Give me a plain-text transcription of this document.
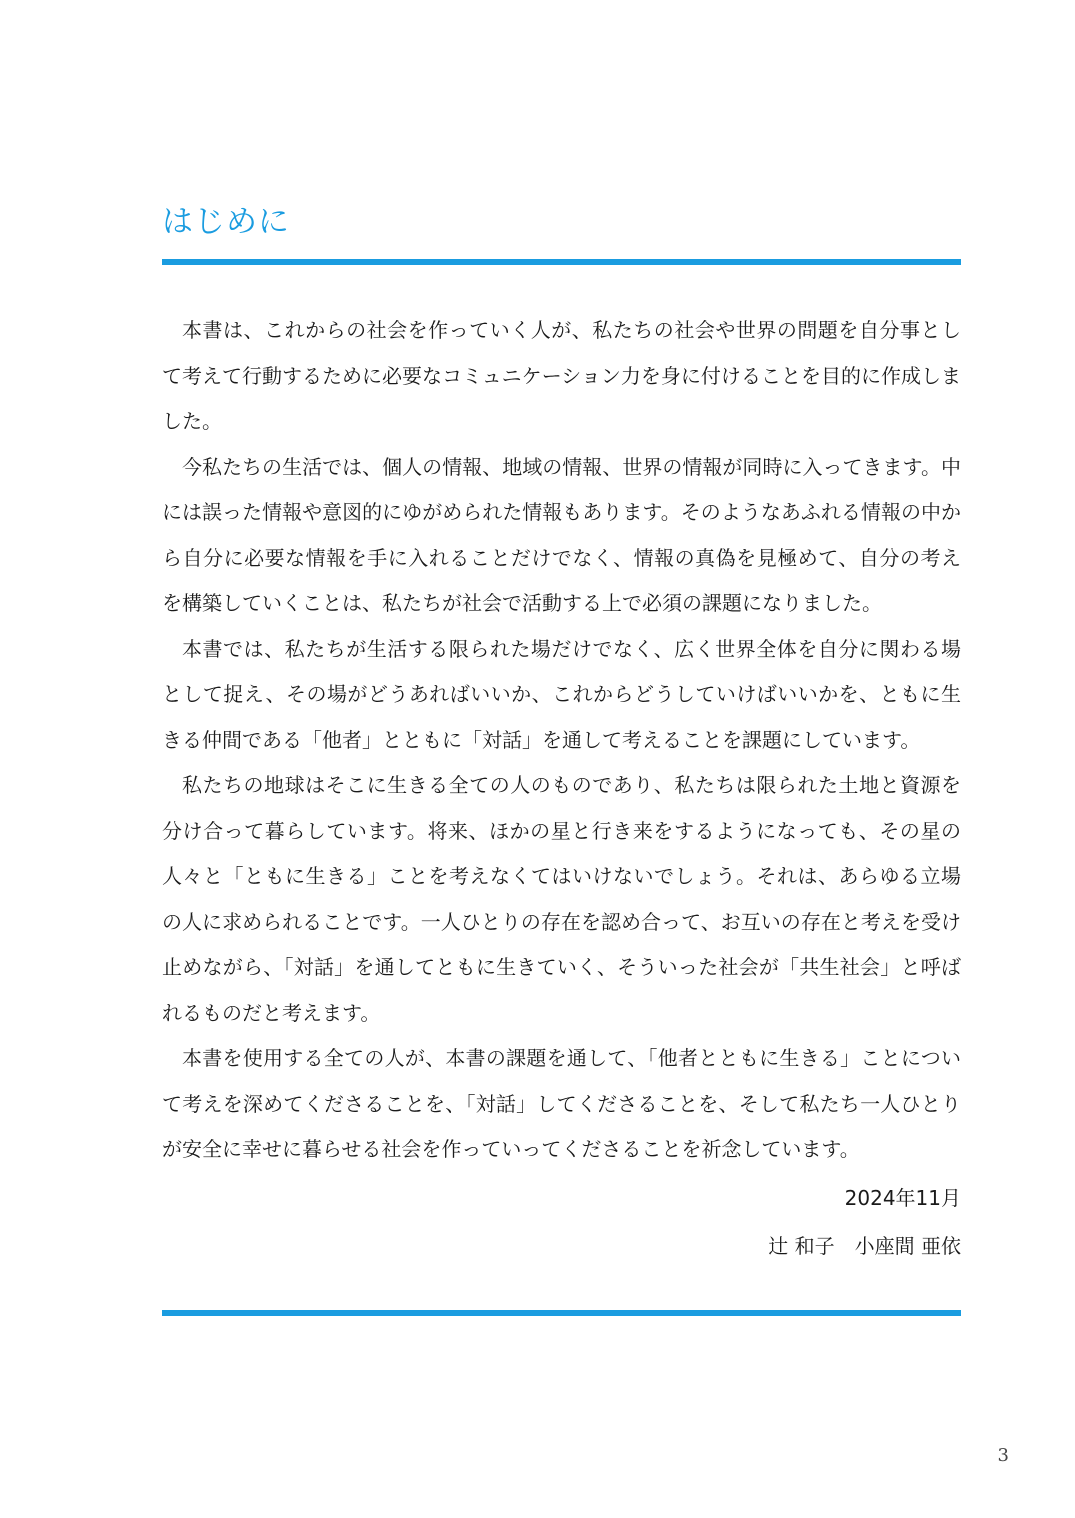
はじめに

本書は、これからの社会を作っていく人が、私たちの社会や世界の問題を自分事として考えて行動するために必要なコミュニケーション力を身に付けることを目的に作成しました。

今私たちの生活では、個人の情報、地域の情報、世界の情報が同時に入ってきます。中には誤った情報や意図的にゆがめられた情報もあります。そのようなあふれる情報の中から自分に必要な情報を手に入れることだけでなく、情報の真偽を見極めて、自分の考えを構築していくことは、私たちが社会で活動する上で必須の課題になりました。

本書では、私たちが生活する限られた場だけでなく、広く世界全体を自分に関わる場として捉え、その場がどうあればいいか、これからどうしていけばいいかを、ともに生きる仲間である「他者」とともに「対話」を通して考えることを課題にしています。

私たちの地球はそこに生きる全ての人のものであり、私たちは限られた土地と資源を分け合って暮らしています。将来、ほかの星と行き来をするようになっても、その星の人々と「ともに生きる」ことを考えなくてはいけないでしょう。それは、あらゆる立場の人に求められることです。一人ひとりの存在を認め合って、お互いの存在と考えを受け止めながら、「対話」を通してともに生きていく、そういった社会が「共生社会」と呼ばれるものだと考えます。

本書を使用する全ての人が、本書の課題を通して、「他者とともに生きる」ことについて考えを深めてくださることを、「対話」してくださることを、そして私たち一人ひとりが安全に幸せに暮らせる社会を作っていってくださることを祈念しています。

2024年11月
辻 和子　小座間 亜依
3
